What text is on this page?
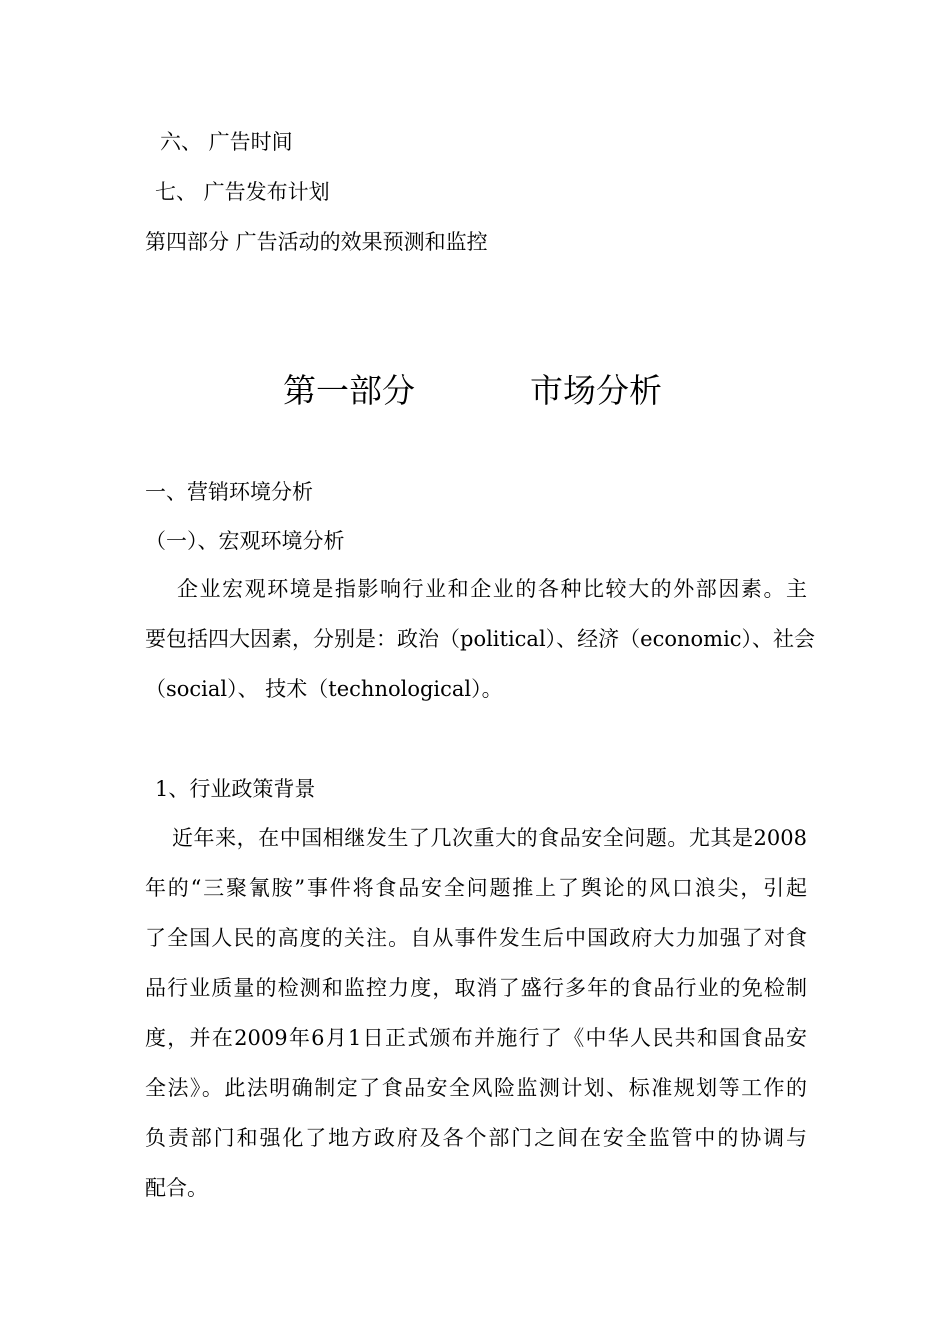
六、 广告时间
七、 广告发布计划
第四部分 广告活动的效果预测和监控
第一部分	市场分析
一、营销环境分析
（一）、宏观环境分析
企业宏观环境是指影响行业和企业的各种比较大的外部因素。主
要包括四大因素，分别是：政治（political）、经济（economic）、社会
（social）、 技术（technological）。
1、行业政策背景
近年来，在中国相继发生了几次重大的食品安全问题。尤其是2008
年的“三聚氰胺”事件将食品安全问题推上了舆论的风口浪尖，引起
了全国人民的高度的关注。自从事件发生后中国政府大力加强了对食
品行业质量的检测和监控力度，取消了盛行多年的食品行业的免检制
度，并在2009年6月1日正式颁布并施行了《中华人民共和国食品安
全法》。此法明确制定了食品安全风险监测计划、标准规划等工作的
负责部门和强化了地方政府及各个部门之间在安全监管中的协调与
配合。
